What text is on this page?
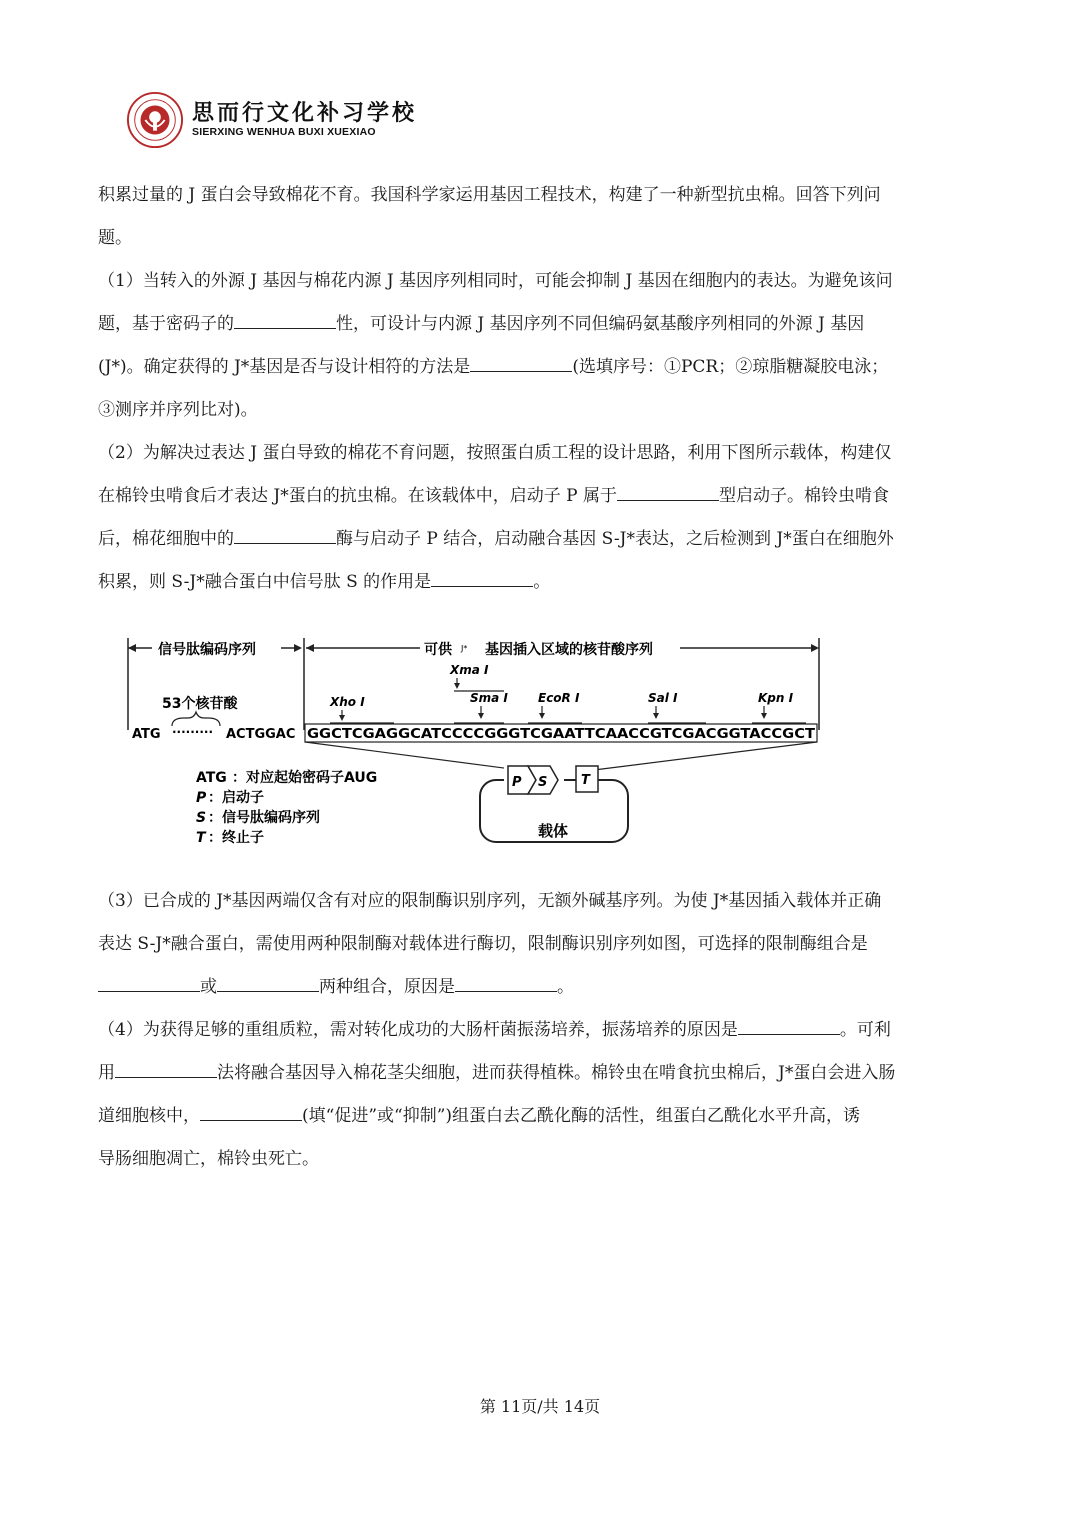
思而行文化补习学校
SIERXING WENHUA BUXI XUEXIAO

积累过量的 J 蛋白会导致棉花不育。我国科学家运用基因工程技术，构建了一种新型抗虫棉。回答下列问

题。

（1）当转入的外源 J 基因与棉花内源 J 基因序列相同时，可能会抑制 J 基因在细胞内的表达。为避免该问

题，基于密码子的	性，可设计与内源 J 基因序列不同但编码氨基酸序列相同的外源 J 基因

(J*)。确定获得的 J*基因是否与设计相符的方法是	(选填序号：①PCR；②琼脂糖凝胶电泳；

③测序并序列比对)。

（2）为解决过表达 J 蛋白导致的棉花不育问题，按照蛋白质工程的设计思路，利用下图所示载体，构建仅

在棉铃虫啃食后才表达 J*蛋白的抗虫棉。在该载体中，启动子 P 属于	型启动子。棉铃虫啃食

后，棉花细胞中的	酶与启动子 P 结合，启动融合基因 S-J*表达，之后检测到 J*蛋白在细胞外

积累，则 S-J*融合蛋白中信号肽 S 的作用是	。

信号肽编码序列	可供 J* 基因插入区域的核苷酸序列
53个核苷酸	Xho I
Xma I
Sma I	EcoR I	Sal I	Kpn I
ATG ········· ACTGGAC GGCTCGAGGCATCCCCGGGTCGAATTCAACCGTCGACGGTACCGCT
P S	T
载体
ATG ：对应起始密码子AUG
P ：启动子
S ：信号肽编码序列
T ：终止子

（3）已合成的 J*基因两端仅含有对应的限制酶识别序列，无额外碱基序列。为使 J*基因插入载体并正确

表达 S-J*融合蛋白，需使用两种限制酶对载体进行酶切，限制酶识别序列如图，可选择的限制酶组合是

或	两种组合，原因是	。

（4）为获得足够的重组质粒，需对转化成功的大肠杆菌振荡培养，振荡培养的原因是	。可利

用	法将融合基因导入棉花茎尖细胞，进而获得植株。棉铃虫在啃食抗虫棉后，J*蛋白会进入肠

道细胞核中，	(填“促进”或“抑制”)组蛋白去乙酰化酶的活性，组蛋白乙酰化水平升高，诱

导肠细胞凋亡，棉铃虫死亡。

第 11页/共 14页
